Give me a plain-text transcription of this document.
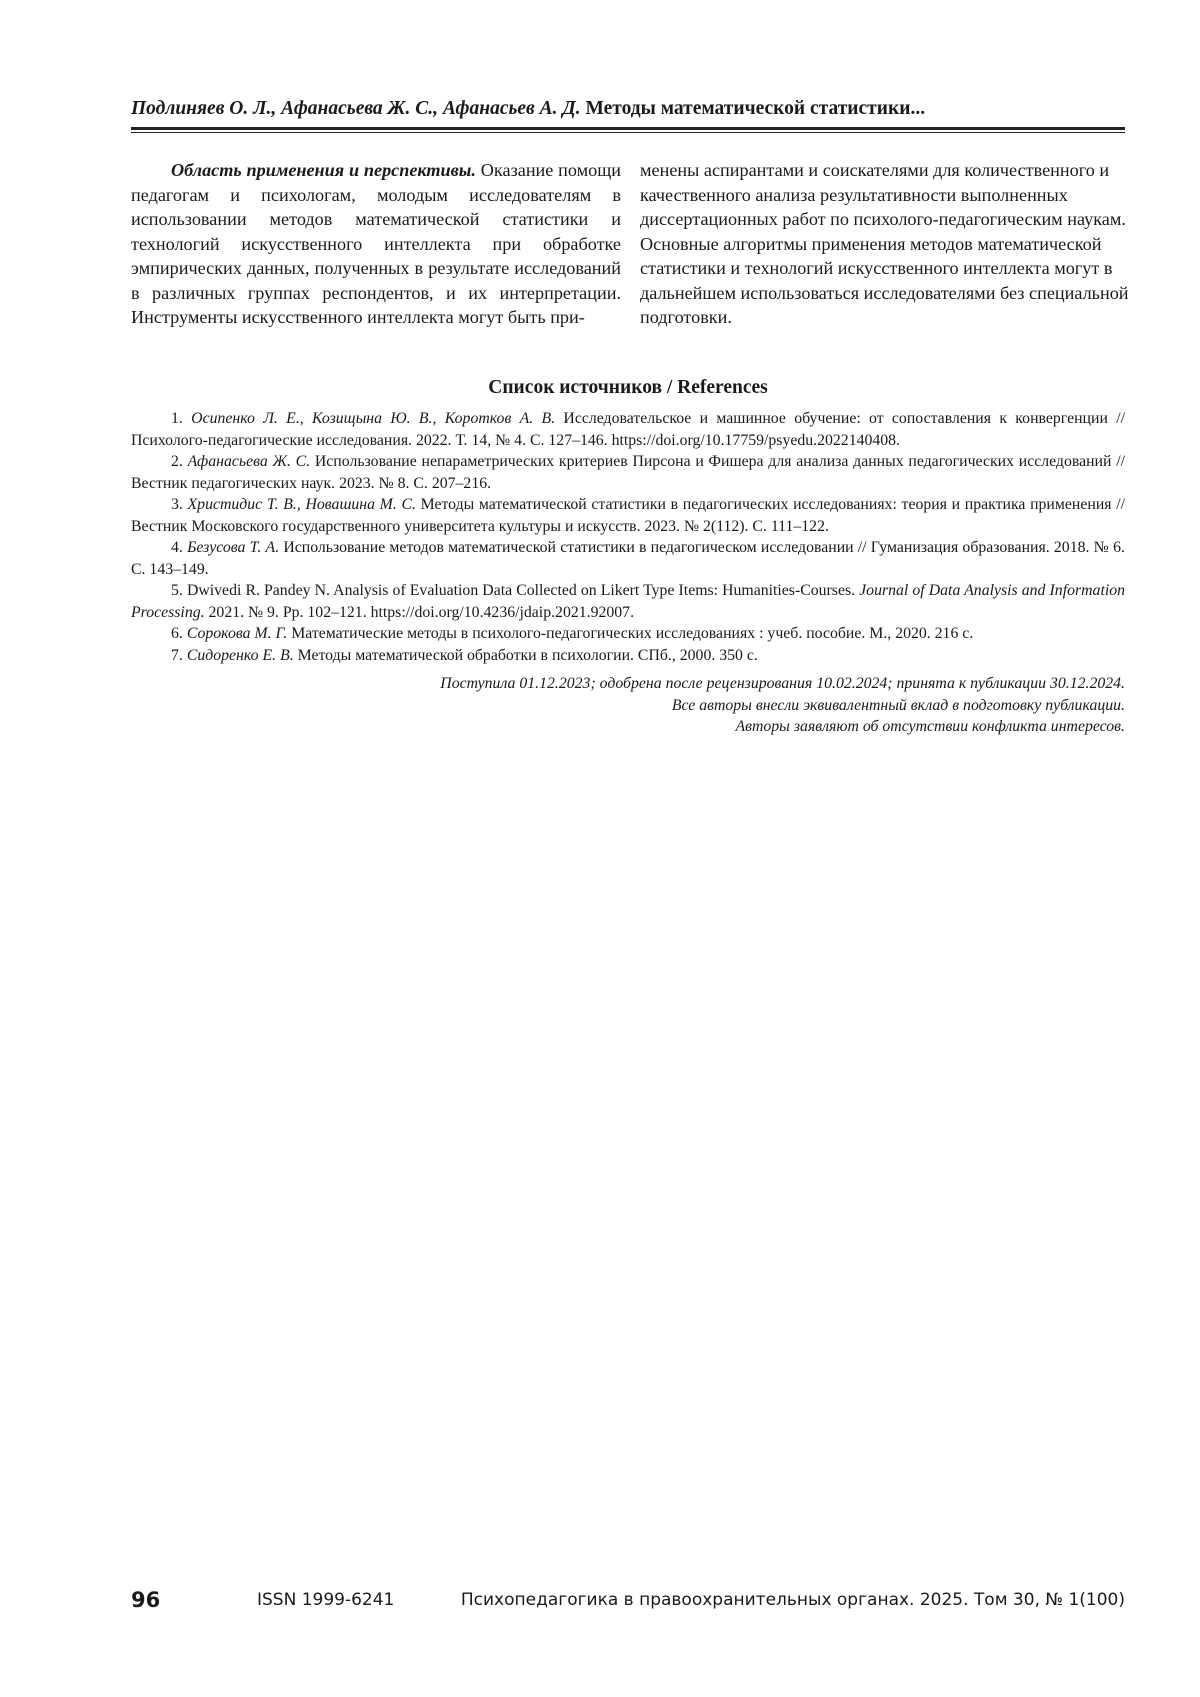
Подлиняев О. Л., Афанасьева Ж. С., Афанасьев А. Д. Методы математической статистики...
Область применения и перспективы. Оказание помощи педагогам и психологам, молодым исследователям в использовании методов математической статистики и технологий искусственного интеллекта при обработке эмпирических данных, полученных в результате исследований в различных группах респондентов, и их интерпретации. Инструменты искусственного интеллекта могут быть при-
менены аспирантами и соискателями для количественного и качественного анализа результативности выполненных диссертационных работ по психолого-педагогическим наукам. Основные алгоритмы применения методов математической статистики и технологий искусственного интеллекта могут в дальнейшем использоваться исследователями без специальной подготовки.
Список источников / References
1. Осипенко Л. Е., Козищына Ю. В., Коротков А. В. Исследовательское и машинное обучение: от сопоставления к конвергенции // Психолого-педагогические исследования. 2022. Т. 14, № 4. С. 127–146. https://doi.org/10.17759/psyedu.2022140408.
2. Афанасьева Ж. С. Использование непараметрических критериев Пирсона и Фишера для анализа данных педагогических исследований // Вестник педагогических наук. 2023. № 8. С. 207–216.
3. Христидис Т. В., Новашина М. С. Методы математической статистики в педагогических исследованиях: теория и практика применения // Вестник Московского государственного университета культуры и искусств. 2023. № 2(112). С. 111–122.
4. Безусова Т. А. Использование методов математической статистики в педагогическом исследовании // Гуманизация образования. 2018. № 6. С. 143–149.
5. Dwivedi R. Pandey N. Analysis of Evaluation Data Collected on Likert Type Items: Humanities-Courses. Journal of Data Analysis and Information Processing. 2021. № 9. Pp. 102–121. https://doi.org/10.4236/jdaip.2021.92007.
6. Сорокова М. Г. Математические методы в психолого-педагогических исследованиях : учеб. пособие. М., 2020. 216 с.
7. Сидоренко Е. В. Методы математической обработки в психологии. СПб., 2000. 350 с.
Поступила 01.12.2023; одобрена после рецензирования 10.02.2024; принята к публикации 30.12.2024.
Все авторы внесли эквивалентный вклад в подготовку публикации.
Авторы заявляют об отсутствии конфликта интересов.
96	ISSN 1999-6241	Психопедагогика в правоохранительных органах. 2025. Том 30, № 1(100)
